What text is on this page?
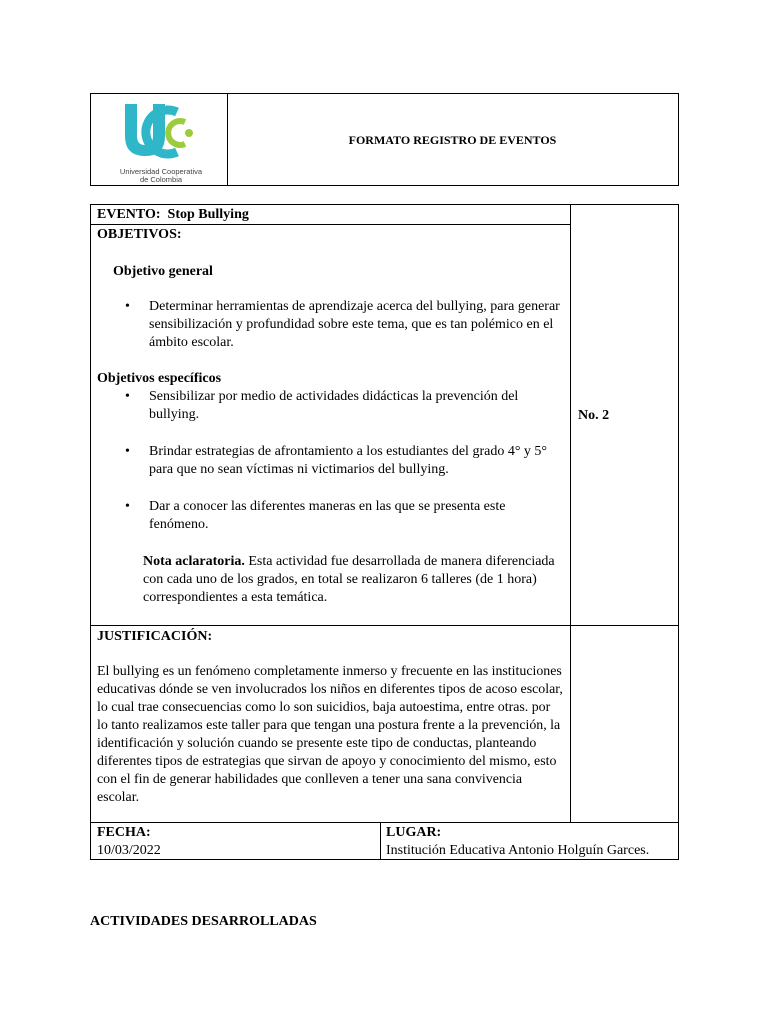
Universidad Cooperativa
de Colombia
FORMATO REGISTRO DE EVENTOS
EVENTO: Stop Bullying
No. 2

OBJETIVOS:

Objetivo general

• Determinar herramientas de aprendizaje acerca del bullying, para generar sensibilización y profundidad sobre este tema, que es tan polémico en el ámbito escolar.

Objetivos específicos

• Sensibilizar por medio de actividades didácticas la prevención del bullying.
• Brindar estrategias de afrontamiento a los estudiantes del grado 4° y 5° para que no sean víctimas ni victimarios del bullying.
• Dar a conocer las diferentes maneras en las que se presenta este fenómeno.

Nota aclaratoria. Esta actividad fue desarrollada de manera diferenciada con cada uno de los grados, en total se realizaron 6 talleres (de 1 hora) correspondientes a esta temática.

JUSTIFICACIÓN:

El bullying es un fenómeno completamente inmerso y frecuente en las instituciones educativas dónde se ven involucrados los niños en diferentes tipos de acoso escolar, lo cual trae consecuencias como lo son suicidios, baja autoestima, entre otras. por lo tanto realizamos este taller para que tengan una postura frente a la prevención, la identificación y solución cuando se presente este tipo de conductas, planteando diferentes tipos de estrategias que sirvan de apoyo y conocimiento del mismo, esto con el fin de generar habilidades que conlleven a tener una sana convivencia escolar.

FECHA:

10/03/2022

LUGAR:

Institución Educativa Antonio Holguín Garces.

ACTIVIDADES DESARROLLADAS
